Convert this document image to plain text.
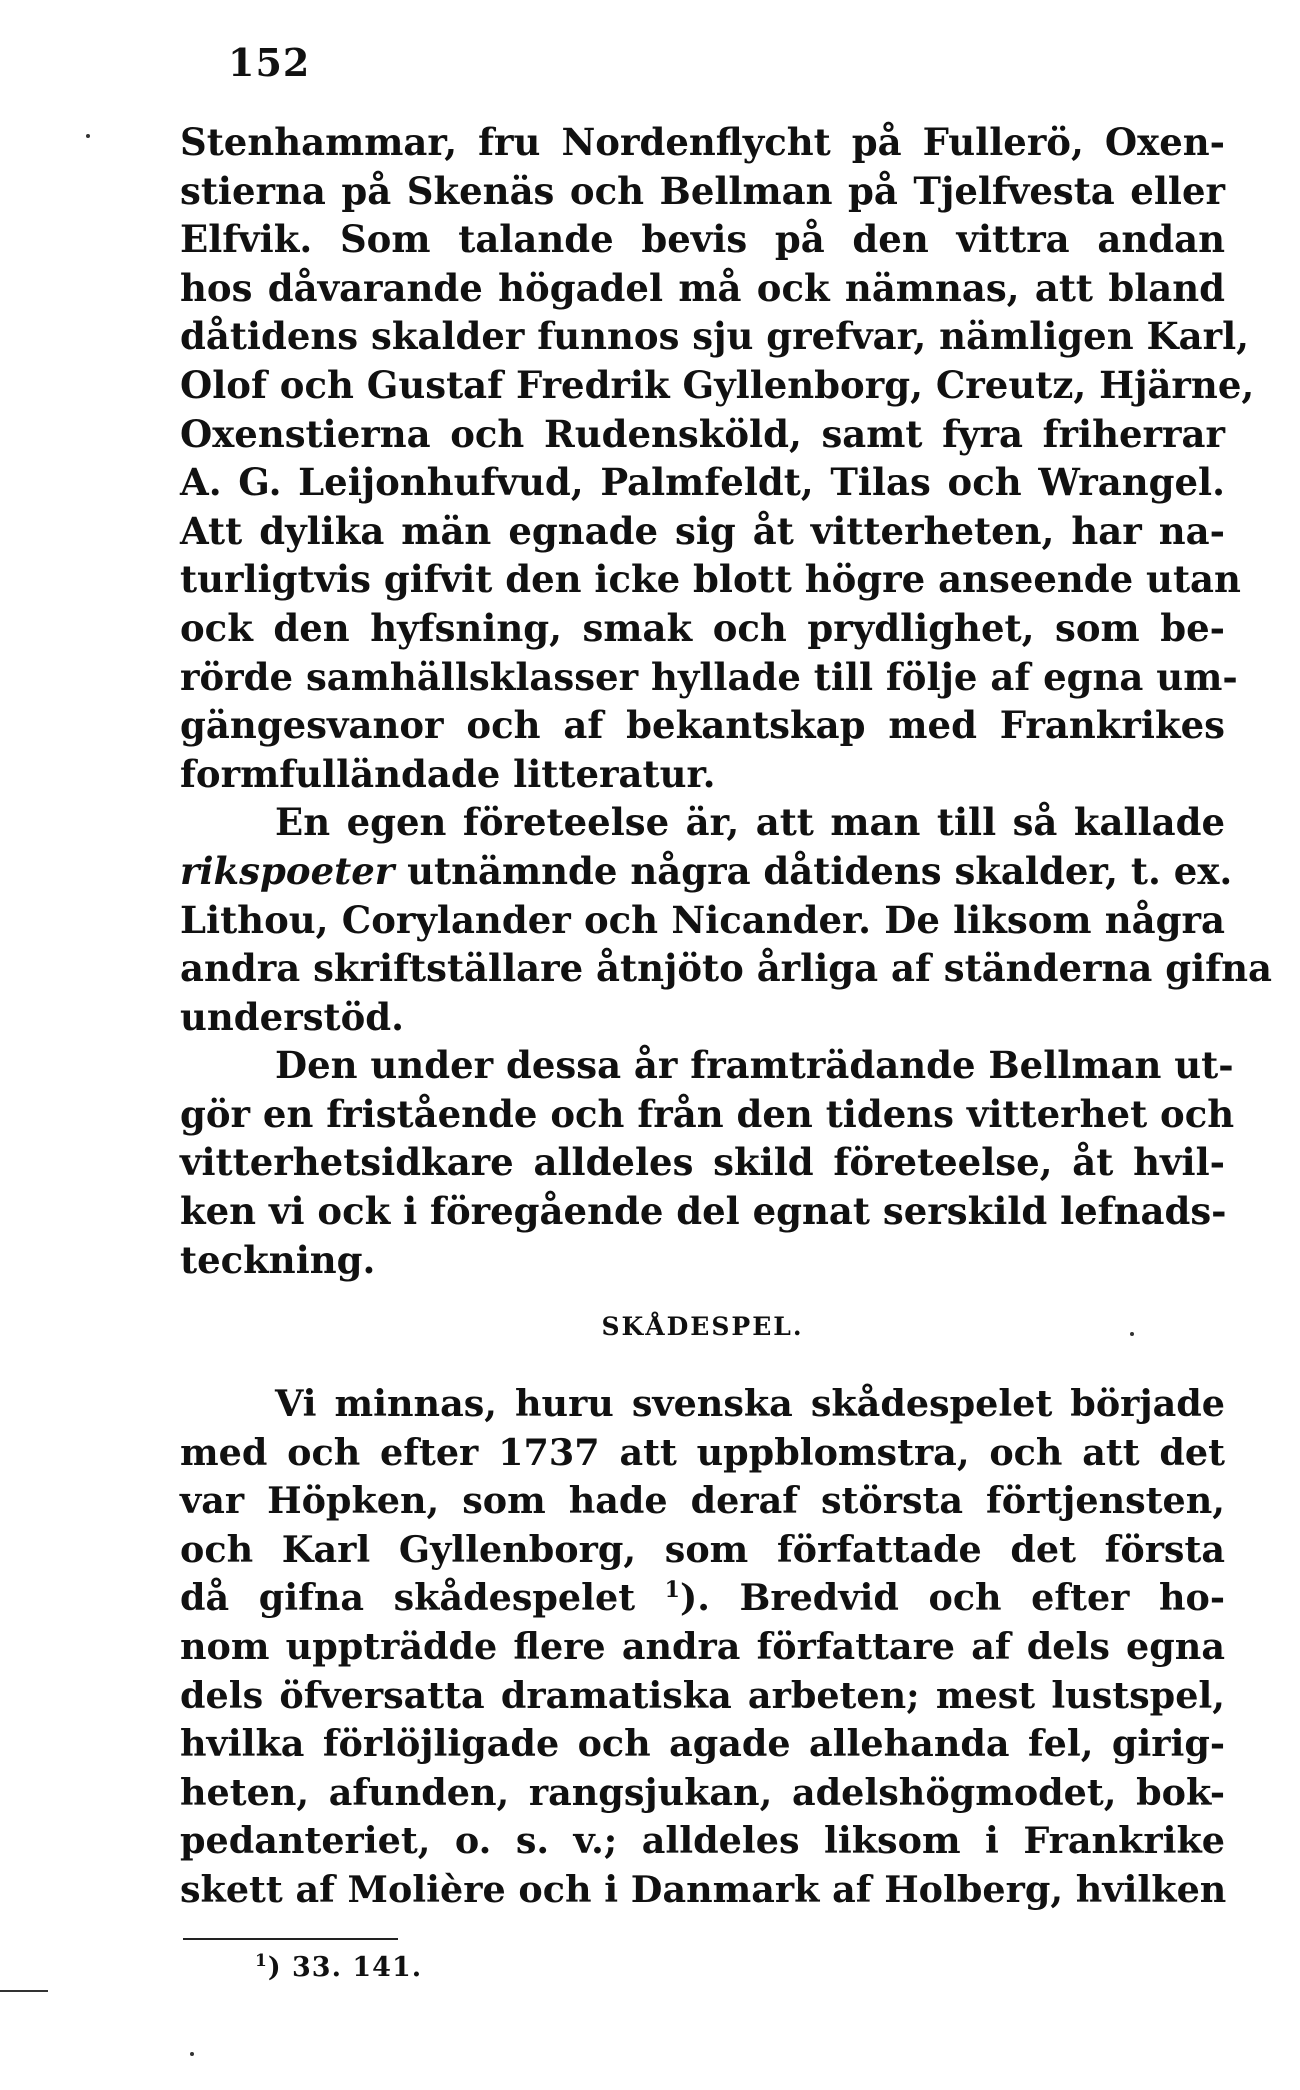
152
Stenhammar, fru Nordenflycht på Fullerö, Oxen-
stierna på Skenäs och Bellman på Tjelfvesta eller
Elfvik. Som talande bevis på den vittra andan
hos dåvarande högadel må ock nämnas, att bland
dåtidens skalder funnos sju grefvar, nämligen Karl,
Olof och Gustaf Fredrik Gyllenborg, Creutz, Hjärne,
Oxenstierna och Rudensköld, samt fyra friherrar
A. G. Leijonhufvud, Palmfeldt, Tilas och Wrangel.
Att dylika män egnade sig åt vitterheten, har na-
turligtvis gifvit den icke blott högre anseende utan
ock den hyfsning, smak och prydlighet, som be-
rörde samhällsklasser hyllade till följe af egna um-
gängesvanor och af bekantskap med Frankrikes
formfulländade litteratur.
En egen företeelse är, att man till så kallade
rikspoeter utnämnde några dåtidens skalder, t. ex.
Lithou, Corylander och Nicander. De liksom några
andra skriftställare åtnjöto årliga af ständerna gifna
understöd.
Den under dessa år framträdande Bellman ut-
gör en fristående och från den tidens vitterhet och
vitterhetsidkare alldeles skild företeelse, åt hvil-
ken vi ock i föregående del egnat serskild lefnads-
teckning.
SKÅDESPEL.
Vi minnas, huru svenska skådespelet började
med och efter 1737 att uppblomstra, och att det
var Höpken, som hade deraf största förtjensten,
och Karl Gyllenborg, som författade det första
då gifna skådespelet $^1$). Bredvid och efter ho-
nom uppträdde flere andra författare af dels egna
dels öfversatta dramatiska arbeten; mest lustspel,
hvilka förlöjligade och agade allehanda fel, girig-
heten, afunden, rangsjukan, adelshögmodet, bok-
pedanteriet, o. s. v.; alldeles liksom i Frankrike
skett af Molière och i Danmark af Holberg, hvilken
$^1$) 33. 141.
